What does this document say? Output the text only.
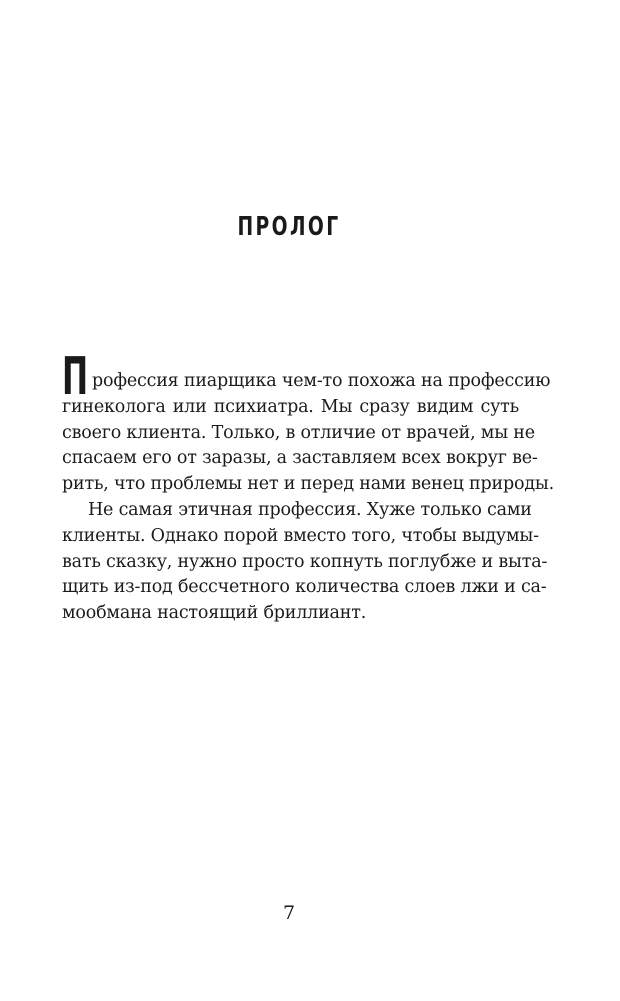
ПРОЛОГ
П рофессия пиарщика чем-то похожа на профессию
гинеколога или психиатра. Мы сразу видим суть
своего клиента. Только, в отличие от врачей, мы не
спасаем его от заразы, а заставляем всех вокруг ве-
рить, что проблемы нет и перед нами венец природы.
Не самая этичная профессия. Хуже только сами
клиенты. Однако порой вместо того, чтобы выдумы-
вать сказку, нужно просто копнуть поглубже и выта-
щить из-под бессчетного количества слоев лжи и са-
мообмана настоящий бриллиант.
7
